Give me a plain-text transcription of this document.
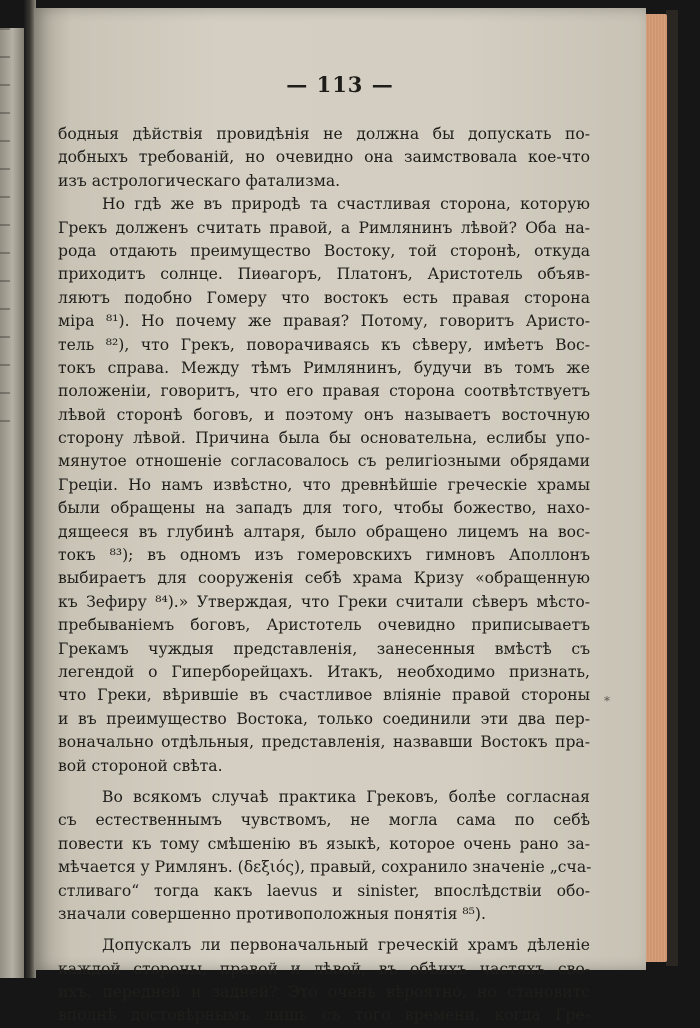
— 113 —
бодныя дѣйствія провидѣнія не должна бы допускать по-
добныхъ требованій, но очевидно она заимствовала кое-что
изъ астрологическаго фатализма.
Но гдѣ же въ природѣ та счастливая сторона, которую
Грекъ долженъ считать правой, а Римлянинъ лѣвой? Оба на-
рода отдають преимущество Востоку, той сторонѣ, откуда
приходитъ солнце. Пиѳагоръ, Платонъ, Аристотель объяв-
ляютъ подобно Гомеру что востокъ есть правая сторона
міра ⁸¹). Но почему же правая? Потому, говоритъ Аристо-
тель ⁸²), что Грекъ, поворачиваясь къ сѣверу, имѣетъ Вос-
токъ справа. Между тѣмъ Римлянинъ, будучи въ томъ же
положеніи, говоритъ, что его правая сторона соотвѣтствуетъ
лѣвой сторонѣ боговъ, и поэтому онъ называетъ восточную
сторону лѣвой. Причина была бы основательна, еслибы упо-
мянутое отношеніе согласовалось съ религіозными обрядами
Греціи. Но намъ извѣстно, что древнѣйшіе греческіе храмы
были обращены на западъ для того, чтобы божество, нахо-
дящееся въ глубинѣ алтаря, было обращено лицемъ на вос-
токъ ⁸³); въ одномъ изъ гомеровскихъ гимновъ Аполлонъ
выбираетъ для сооруженія себѣ храма Кризу «обращенную
къ Зефиру ⁸⁴).» Утверждая, что Греки считали сѣверъ мѣсто-
пребываніемъ боговъ, Аристотель очевидно приписываетъ
Грекамъ чуждыя представленія, занесенныя вмѣстѣ съ
легендой о Гиперборейцахъ. Итакъ, необходимо признать,
что Греки, вѣрившіе въ счастливое вліяніе правой стороны
и въ преимущество Востока, только соединили эти два пер-
воначально отдѣльныя, представленія, назвавши Востокъ пра-
вой стороной свѣта.
Во всякомъ случаѣ практика Грековъ, болѣе согласная
съ естественнымъ чувствомъ, не могла сама по себѣ
повести къ тому смѣшенію въ языкѣ, которое очень рано за-
мѣчается у Римлянъ. (δεξιός), правый, сохранило значеніе „сча-
стливаго“ тогда какъ laevus и sinister, впослѣдствіи обо-
значали совершенно противоположныя понятія ⁸⁵).
Допускалъ ли первоначальный греческій храмъ дѣленіе
каждой стороны, правой и лѣвой, въ обѣихъ частяхъ сво-
ихъ, передней и задней? Это очень вѣроятно, но становитс
вполнѣ достовѣрнымъ лишь съ того времени, когда Гре-
*
